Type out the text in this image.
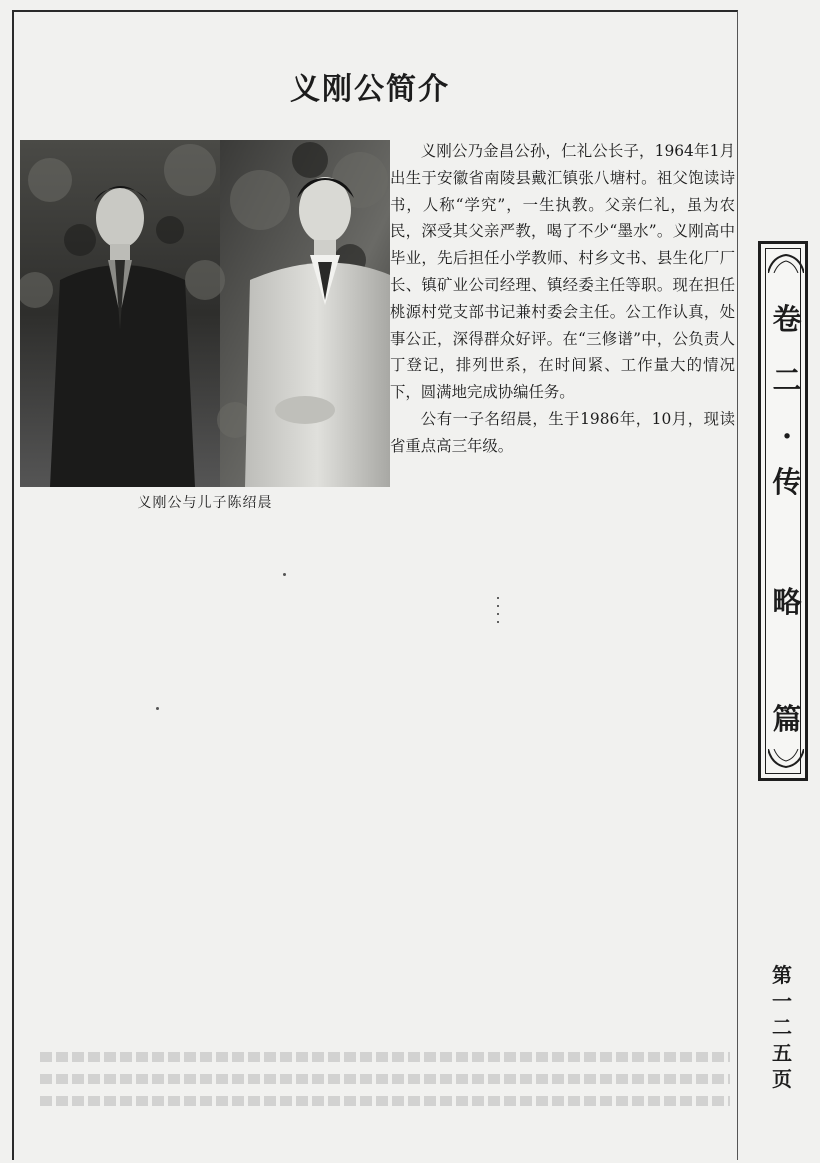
义刚公简介
义刚公与儿子陈绍晨

义刚公乃金昌公孙，仁礼公长子，1964年1月出生于安徽省南陵县戴汇镇张八塘村。祖父饱读诗书，人称“学究”，一生执教。父亲仁礼，虽为农民，深受其父亲严教，喝了不少“墨水”。义刚高中毕业，先后担任小学教师、村乡文书、县生化厂厂长、镇矿业公司经理、镇经委主任等职。现在担任桃源村党支部书记兼村委会主任。公工作认真，处事公正，深得群众好评。在“三修谱”中，公负责人丁登记，排列世系，在时间紧、工作量大的情况下，圆满地完成协编任务。

公有一子名绍晨，生于1986年，10月，现读省重点高三年级。

卷
二
·
传
略
篇
第
一
二
五
页
